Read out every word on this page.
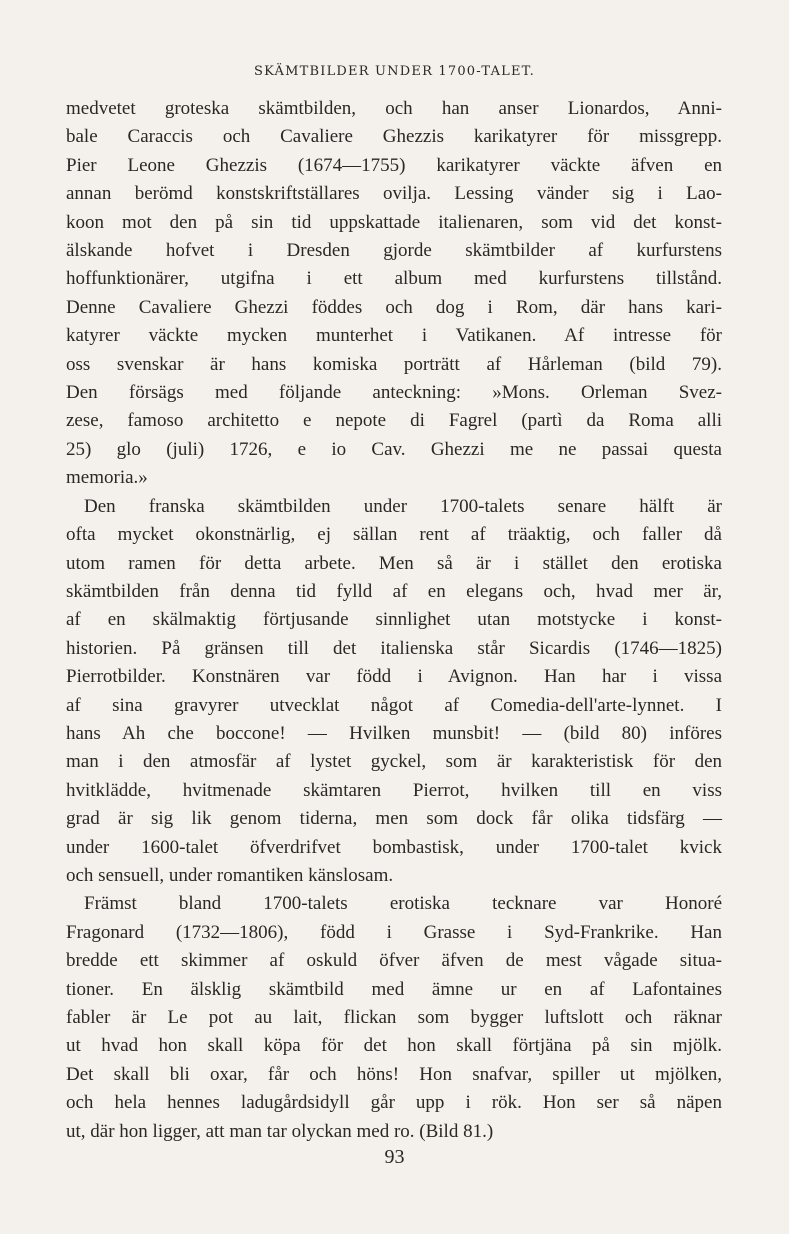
SKÄMTBILDER UNDER 1700-TALET.
medvetet groteska skämtbilden, och han anser Lionardos, Anni-
bale Caraccis och Cavaliere Ghezzis karikatyrer för missgrepp.
Pier Leone Ghezzis (1674—1755) karikatyrer väckte äfven en
annan berömd konstskriftställares ovilja. Lessing vänder sig i Lao-
koon mot den på sin tid uppskattade italienaren, som vid det konst-
älskande hofvet i Dresden gjorde skämtbilder af kurfurstens
hoffunktionärer, utgifna i ett album med kurfurstens tillstånd.
Denne Cavaliere Ghezzi föddes och dog i Rom, där hans kari-
katyrer väckte mycken munterhet i Vatikanen. Af intresse för
oss svenskar är hans komiska porträtt af Hårleman (bild 79).
Den försägs med följande anteckning: »Mons. Orleman Svez-
zese, famoso architetto e nepote di Fagrel (partì da Roma alli
25) glo (juli) 1726, e io Cav. Ghezzi me ne passai questa
memoria.»
Den franska skämtbilden under 1700-talets senare hälft är
ofta mycket okonstnärlig, ej sällan rent af träaktig, och faller då
utom ramen för detta arbete. Men så är i stället den erotiska
skämtbilden från denna tid fylld af en elegans och, hvad mer är,
af en skälmaktig förtjusande sinnlighet utan motstycke i konst-
historien. På gränsen till det italienska står Sicardis (1746—1825)
Pierrotbilder. Konstnären var född i Avignon. Han har i vissa
af sina gravyrer utvecklat något af Comedia-dell'arte-lynnet. I
hans Ah che boccone! — Hvilken munsbit! — (bild 80) införes
man i den atmosfär af lystet gyckel, som är karakteristisk för den
hvitklädde, hvitmenade skämtaren Pierrot, hvilken till en viss
grad är sig lik genom tiderna, men som dock får olika tidsfärg —
under 1600-talet öfverdrifvet bombastisk, under 1700-talet kvick
och sensuell, under romantiken känslosam.
Främst bland 1700-talets erotiska tecknare var Honoré
Fragonard (1732—1806), född i Grasse i Syd-Frankrike. Han
bredde ett skimmer af oskuld öfver äfven de mest vågade situa-
tioner. En älsklig skämtbild med ämne ur en af Lafontaines
fabler är Le pot au lait, flickan som bygger luftslott och räknar
ut hvad hon skall köpa för det hon skall förtjäna på sin mjölk.
Det skall bli oxar, får och höns! Hon snafvar, spiller ut mjölken,
och hela hennes ladugårdsidyll går upp i rök. Hon ser så näpen
ut, där hon ligger, att man tar olyckan med ro. (Bild 81.)
93
